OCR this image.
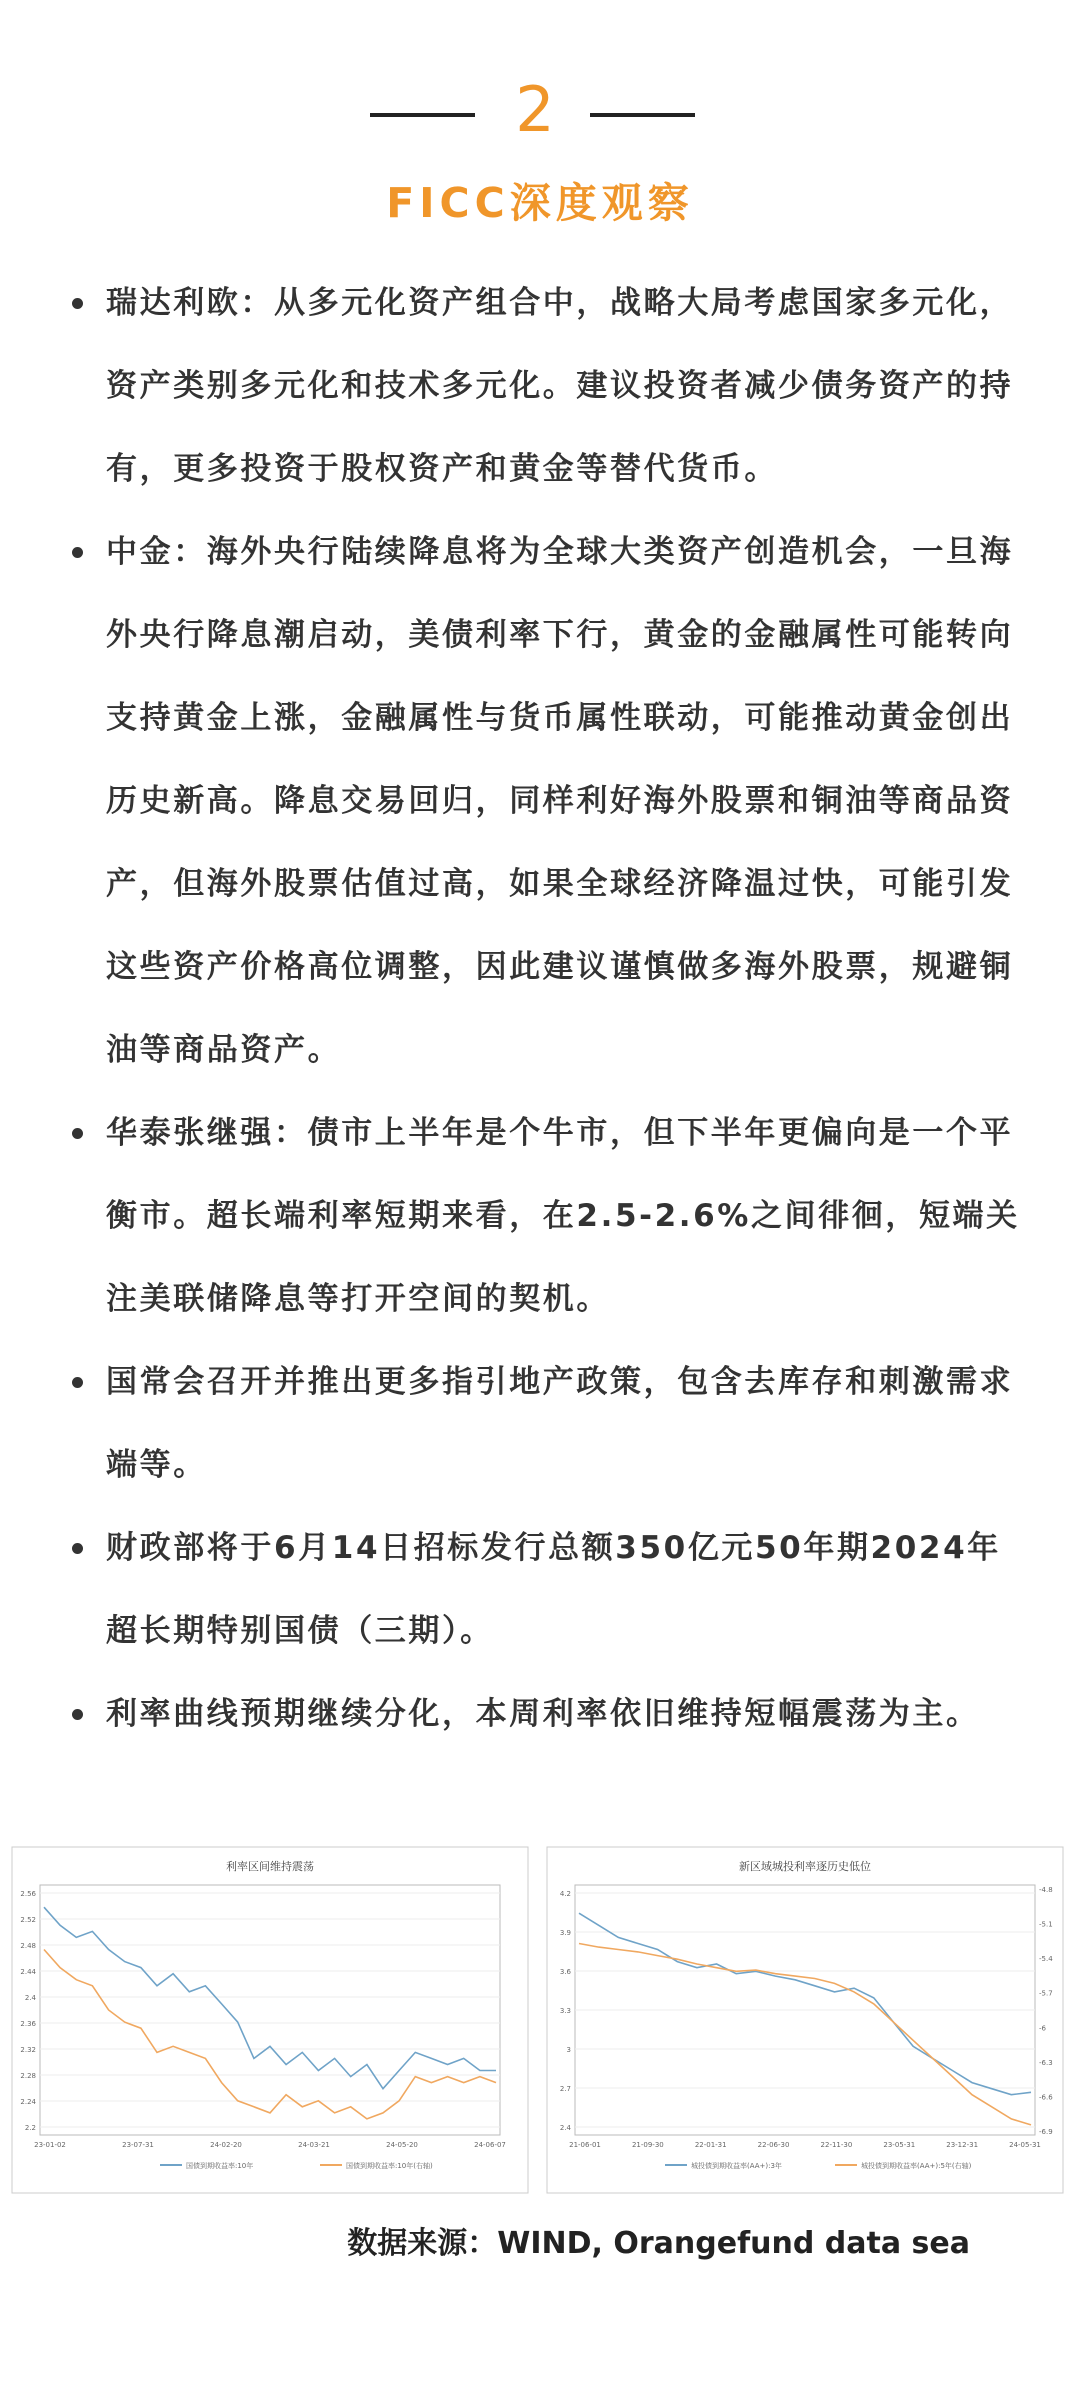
2
FICC深度观察
瑞达利欧：从多元化资产组合中，战略大局考虑国家多元化，资产类别多元化和技术多元化。建议投资者减少债务资产的持有，更多投资于股权资产和黄金等替代货币。
中金：海外央行陆续降息将为全球大类资产创造机会，一旦海外央行降息潮启动，美债利率下行，黄金的金融属性可能转向支持黄金上涨，金融属性与货币属性联动，可能推动黄金创出历史新高。降息交易回归，同样利好海外股票和铜油等商品资产，但海外股票估值过高，如果全球经济降温过快，可能引发这些资产价格高位调整，因此建议谨慎做多海外股票，规避铜油等商品资产。
华泰张继强：债市上半年是个牛市，但下半年更偏向是一个平衡市。超长端利率短期来看，在2.5-2.6%之间徘徊，短端关注美联储降息等打开空间的契机。
国常会召开并推出更多指引地产政策，包含去库存和刺激需求端等。
财政部将于6月14日招标发行总额350亿元50年期2024年超长期特别国债（三期）。
利率曲线预期继续分化，本周利率依旧维持短幅震荡为主。
利率区间维持震荡
2.56
2.52
2.48
2.44
2.4
2.36
2.32
2.28
2.24
2.2
23-01-02	23-07-31	24-02-20	24-03-21	24-05-20	24-06-07
国债到期收益率:10年	国债到期收益率:10年(右轴)
新区域城投利率逐历史低位
4.2
3.9
3.6
3.3
3
2.7
2.4
-4.8
-5.1
-5.4
-5.7
-6
-6.3
-6.6
-6.9
21-06-01	21-09-30	22-01-31	22-06-30	22-11-30	23-05-31	23-12-31	24-05-31
城投债到期收益率(AA+):3年	城投债到期收益率(AA+):5年(右轴)
数据来源：WIND, Orangefund data sea
